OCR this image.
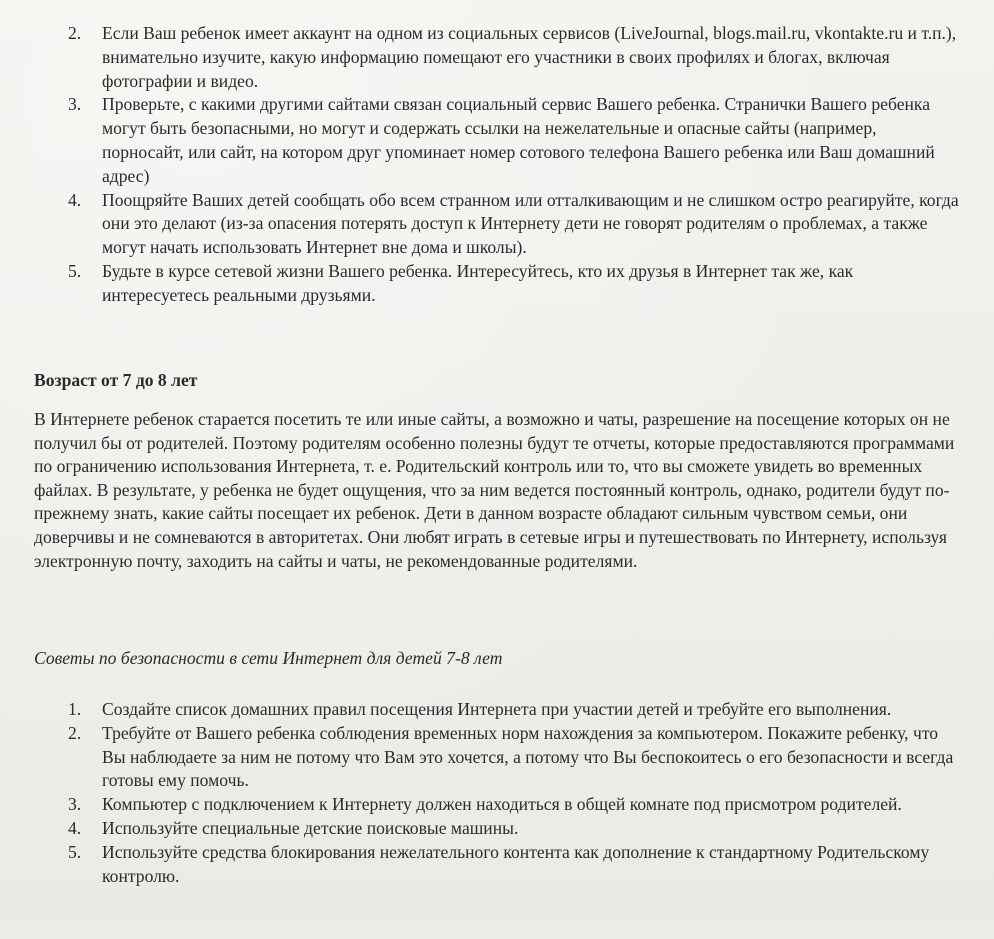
2. Если Ваш ребенок имеет аккаунт на одном из социальных сервисов (LiveJournal, blogs.mail.ru, vkontakte.ru и т.п.), внимательно изучите, какую информацию помещают его участники в своих профилях и блогах, включая фотографии и видео.
3. Проверьте, с какими другими сайтами связан социальный сервис Вашего ребенка. Странички Вашего ребенка могут быть безопасными, но могут и содержать ссылки на нежелательные и опасные сайты (например, порносайт, или сайт, на котором друг упоминает номер сотового телефона Вашего ребенка или Ваш домашний адрес)
4. Поощряйте Ваших детей сообщать обо всем странном или отталкивающим и не слишком остро реагируйте, когда они это делают (из-за опасения потерять доступ к Интернету дети не говорят родителям о проблемах, а также могут начать использовать Интернет вне дома и школы).
5. Будьте в курсе сетевой жизни Вашего ребенка. Интересуйтесь, кто их друзья в Интернет так же, как интересуетесь реальными друзьями.
Возраст от 7 до 8 лет

В Интернете ребенок старается посетить те или иные сайты, а возможно и чаты, разрешение на посещение которых он не получил бы от родителей. Поэтому родителям особенно полезны будут те отчеты, которые предоставляются программами по ограничению использования Интернета, т. е. Родительский контроль или то, что вы сможете увидеть во временных файлах. В результате, у ребенка не будет ощущения, что за ним ведется постоянный контроль, однако, родители будут по-прежнему знать, какие сайты посещает их ребенок. Дети в данном возрасте обладают сильным чувством семьи, они доверчивы и не сомневаются в авторитетах. Они любят играть в сетевые игры и путешествовать по Интернету, используя электронную почту, заходить на сайты и чаты, не рекомендованные родителями.

Советы по безопасности в сети Интернет для детей 7-8 лет

1. Создайте список домашних правил посещения Интернета при участии детей и требуйте его выполнения.
2. Требуйте от Вашего ребенка соблюдения временных норм нахождения за компьютером. Покажите ребенку, что Вы наблюдаете за ним не потому что Вам это хочется, а потому что Вы беспокоитесь о его безопасности и всегда готовы ему помочь.
3. Компьютер с подключением к Интернету должен находиться в общей комнате под присмотром родителей.
4. Используйте специальные детские поисковые машины.
5. Используйте средства блокирования нежелательного контента как дополнение к стандартному Родительскому контролю.
